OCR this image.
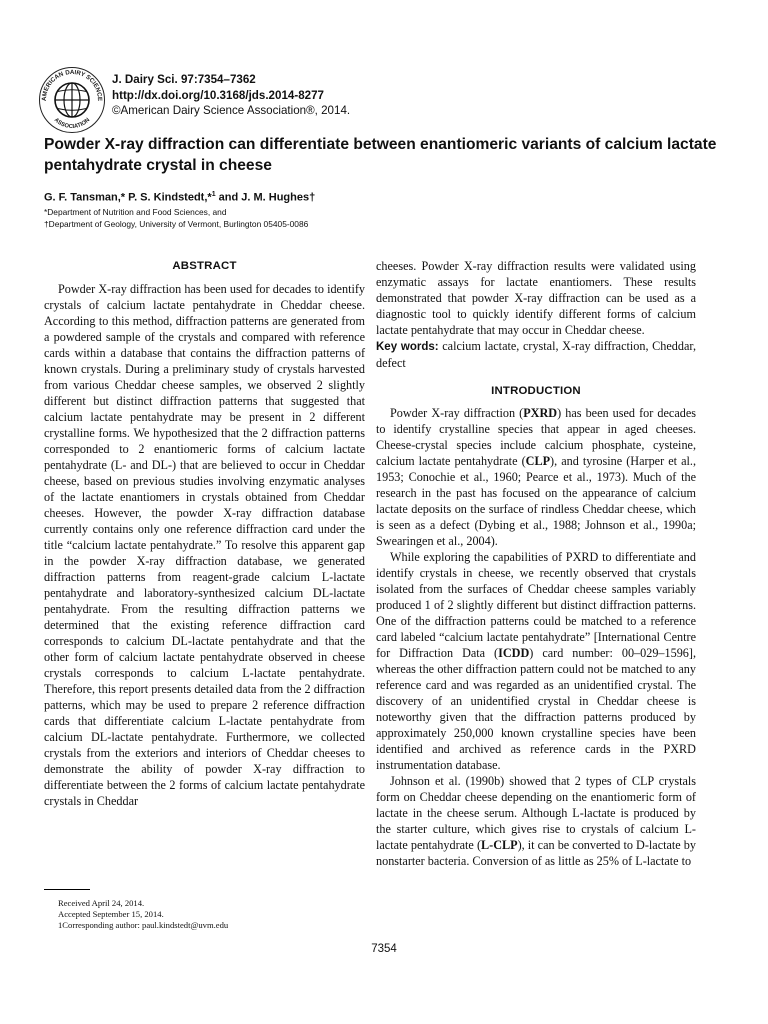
AMERICAN DAIRY SCIENCE
ASSOCIATION
J. Dairy Sci. 97:7354–7362
http://dx.doi.org/10.3168/jds.2014-8277
©American Dairy Science Association®, 2014.
Powder X-ray diffraction can differentiate between enantiomeric variants of calcium lactate pentahydrate crystal in cheese
G. F. Tansman,* P. S. Kindstedt,*$^1$ and J. M. Hughes†
*Department of Nutrition and Food Sciences, and
†Department of Geology, University of Vermont, Burlington 05405-0086
ABSTRACT

Powder X-ray diffraction has been used for decades to identify crystals of calcium lactate pentahydrate in Cheddar cheese. According to this method, diffraction patterns are generated from a powdered sample of the crystals and compared with reference cards within a database that contains the diffraction patterns of known crystals. During a preliminary study of crystals harvested from various Cheddar cheese samples, we observed 2 slightly different but distinct diffraction patterns that suggested that calcium lactate pentahydrate may be present in 2 different crystalline forms. We hypothesized that the 2 diffraction patterns corresponded to 2 enantiomeric forms of calcium lactate pentahydrate (L- and DL-) that are believed to occur in Cheddar cheese, based on previous studies involving enzymatic analyses of the lactate enantiomers in crystals obtained from Cheddar cheeses. However, the powder X-ray diffraction database currently contains only one reference diffraction card under the title “calcium lactate pentahydrate.” To resolve this apparent gap in the powder X-ray diffraction database, we generated diffraction patterns from reagent-grade calcium L-lactate pentahydrate and laboratory-synthesized calcium DL-lactate pentahydrate. From the resulting diffraction patterns we determined that the existing reference diffraction card corresponds to calcium DL-lactate pentahydrate and that the other form of calcium lactate pentahydrate observed in cheese crystals corresponds to calcium L-lactate pentahydrate. Therefore, this report presents detailed data from the 2 diffraction patterns, which may be used to prepare 2 reference diffraction cards that differentiate calcium L-lactate pentahydrate from calcium DL-lactate pentahydrate. Furthermore, we collected crystals from the exteriors and interiors of Cheddar cheeses to demonstrate the ability of powder X-ray diffraction to differentiate between the 2 forms of calcium lactate pentahydrate crystals in Cheddar

cheeses. Powder X-ray diffraction results were validated using enzymatic assays for lactate enantiomers. These results demonstrated that powder X-ray diffraction can be used as a diagnostic tool to quickly identify different forms of calcium lactate pentahydrate that may occur in Cheddar cheese.

Key words: calcium lactate, crystal, X-ray diffraction, Cheddar, defect

INTRODUCTION

Powder X-ray diffraction (PXRD) has been used for decades to identify crystalline species that appear in aged cheeses. Cheese-crystal species include calcium phosphate, cysteine, calcium lactate pentahydrate (CLP), and tyrosine (Harper et al., 1953; Conochie et al., 1960; Pearce et al., 1973). Much of the research in the past has focused on the appearance of calcium lactate deposits on the surface of rindless Cheddar cheese, which is seen as a defect (Dybing et al., 1988; Johnson et al., 1990a; Swearingen et al., 2004).

While exploring the capabilities of PXRD to differentiate and identify crystals in cheese, we recently observed that crystals isolated from the surfaces of Cheddar cheese samples variably produced 1 of 2 slightly different but distinct diffraction patterns. One of the diffraction patterns could be matched to a reference card labeled “calcium lactate pentahydrate” [International Centre for Diffraction Data (ICDD) card number: 00–029–1596], whereas the other diffraction pattern could not be matched to any reference card and was regarded as an unidentified crystal. The discovery of an unidentified crystal in Cheddar cheese is noteworthy given that the diffraction patterns produced by approximately 250,000 known crystalline species have been identified and archived as reference cards in the PXRD instrumentation database.

Johnson et al. (1990b) showed that 2 types of CLP crystals form on Cheddar cheese depending on the enantiomeric form of lactate in the cheese serum. Although L-lactate is produced by the starter culture, which gives rise to crystals of calcium L-lactate pentahydrate (L-CLP), it can be converted to D-lactate by nonstarter bacteria. Conversion of as little as 25% of L-lactate to

Received April 24, 2014.
Accepted September 15, 2014.
1Corresponding author: paul.kindstedt@uvm.edu
7354
